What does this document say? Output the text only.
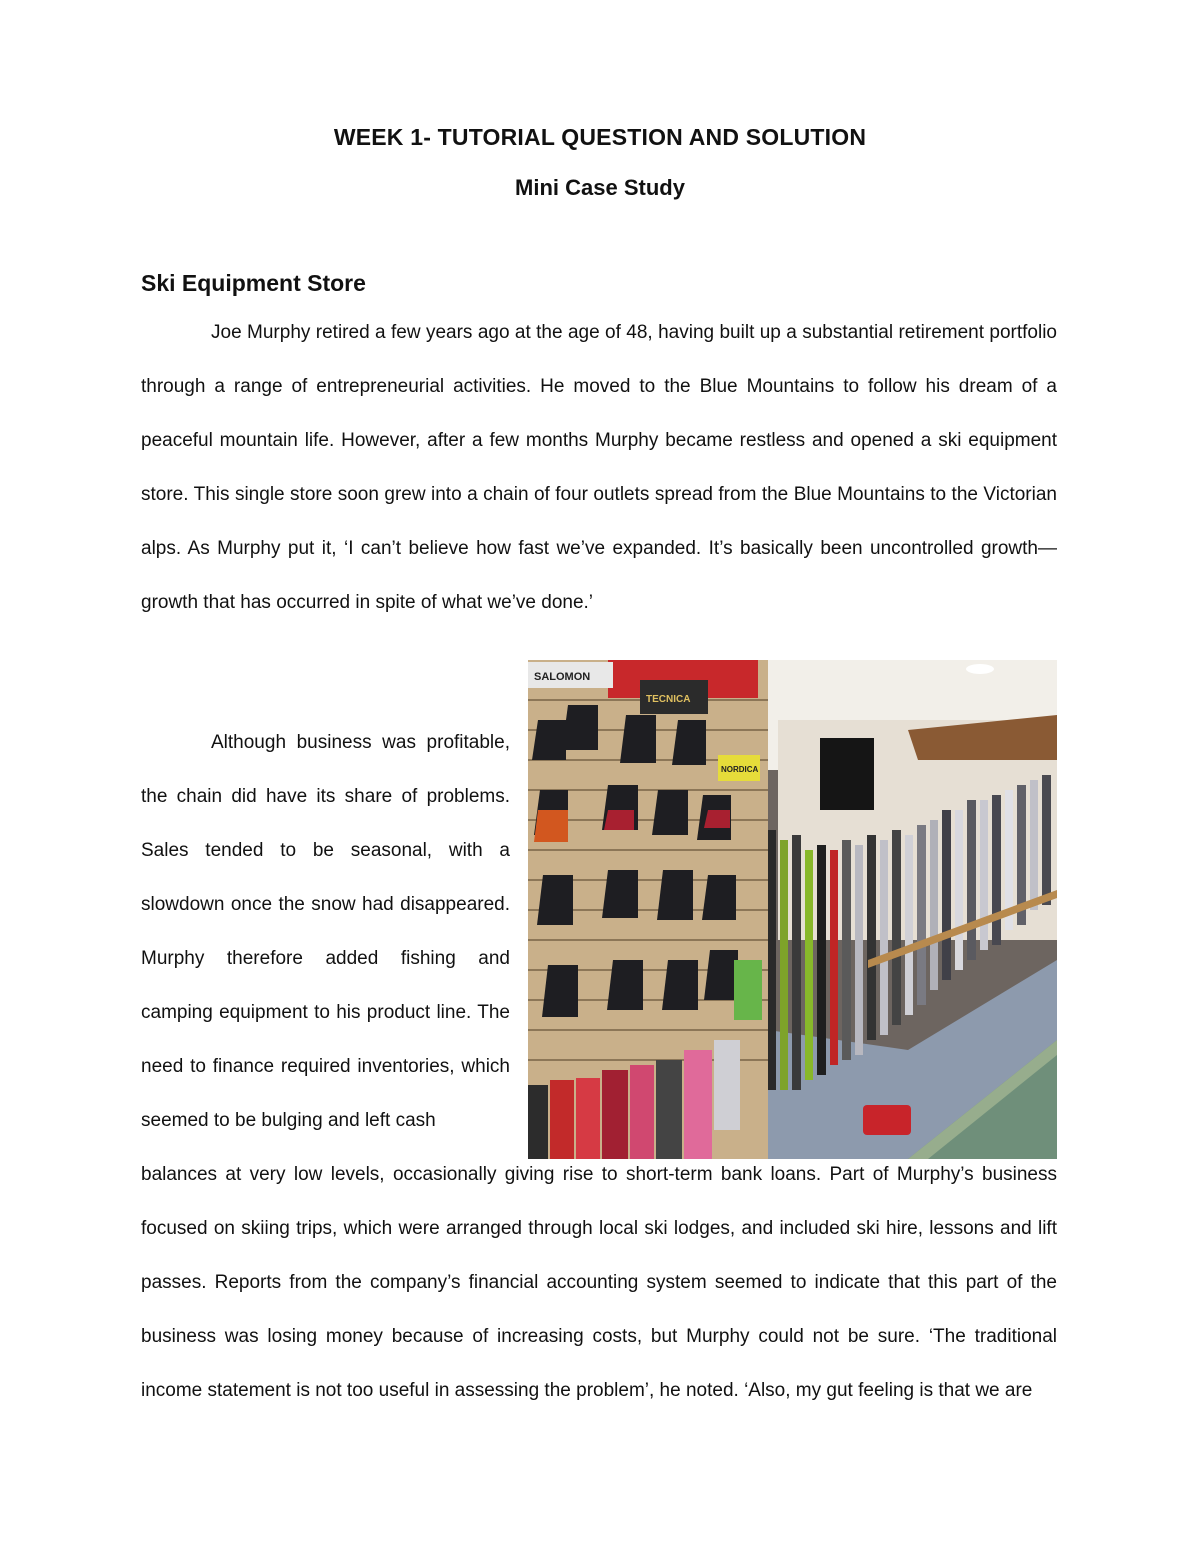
WEEK 1- TUTORIAL QUESTION AND SOLUTION
Mini Case Study
Ski Equipment Store

Joe Murphy retired a few years ago at the age of 48, having built up a substantial retirement portfolio through a range of entrepreneurial activities. He moved to the Blue Mountains to follow his dream of a peaceful mountain life. However, after a few months Murphy became restless and opened a ski equipment store. This single store soon grew into a chain of four outlets spread from the Blue Mountains to the Victorian alps. As Murphy put it, ‘I can’t believe how fast we’ve expanded. It’s basically been uncontrolled growth—growth that has occurred in spite of what we’ve done.’

Although business was profitable, the chain did have its share of problems. Sales tended to be seasonal, with a slowdown once the snow had disappeared. Murphy therefore added fishing and camping equipment to his product line. The need to finance required inventories, which seemed to be bulging and left cash

SALOMON
TECNICA
NORDICA

balances at very low levels, occasionally giving rise to short-term bank loans. Part of Murphy’s business focused on skiing trips, which were arranged through local ski lodges, and included ski hire, lessons and lift passes. Reports from the company’s financial accounting system seemed to indicate that this part of the business was losing money because of increasing costs, but Murphy could not be sure. ‘The traditional income statement is not too useful in assessing the problem’, he noted. ‘Also, my gut feeling is that we are
